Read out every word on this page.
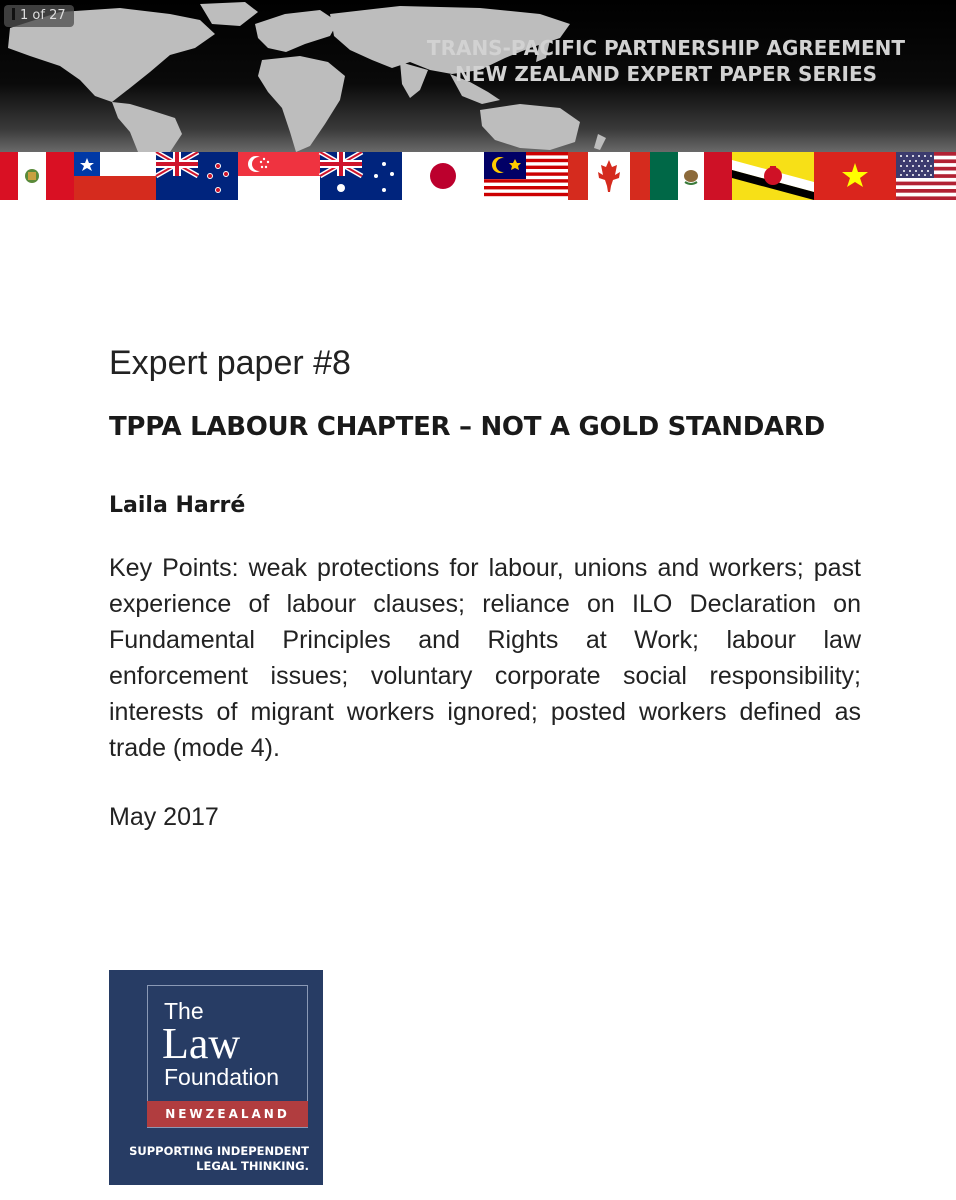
1 of 27
TRANS-PACIFIC PARTNERSHIP AGREEMENT
NEW ZEALAND EXPERT PAPER SERIES
Expert paper #8
TPPA LABOUR CHAPTER – NOT A GOLD STANDARD

Laila Harré

Key Points: weak protections for labour, unions and workers; past experience of labour clauses; reliance on ILO Declaration on Fundamental Principles and Rights at Work; labour law enforcement issues; voluntary corporate social responsibility; interests of migrant workers ignored; posted workers defined as trade (mode 4).

May 2017

The
Law
Foundation
NEWZEALAND
SUPPORTING INDEPENDENT
LEGAL THINKING.
